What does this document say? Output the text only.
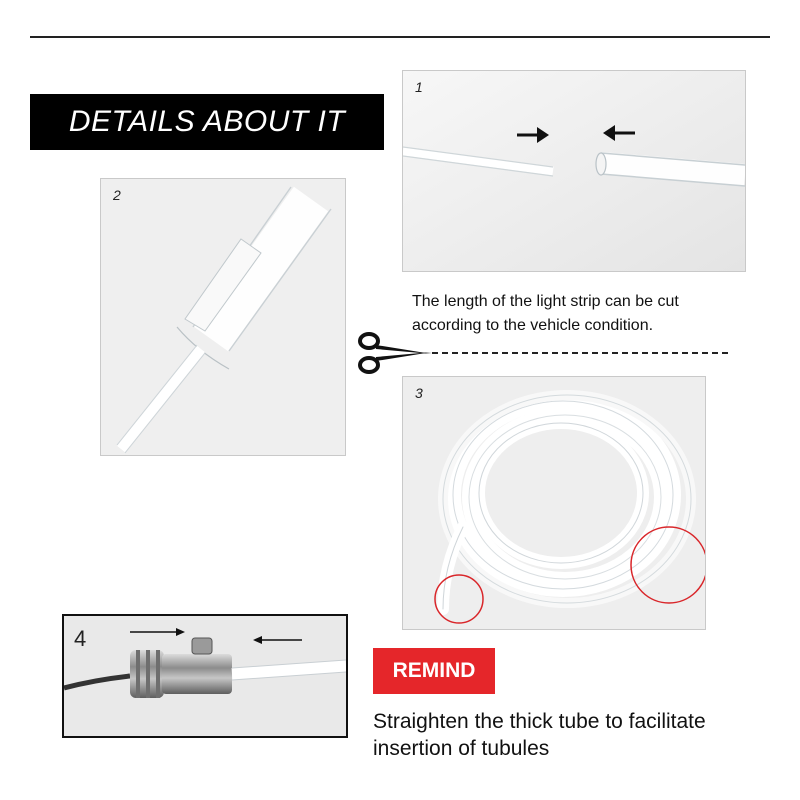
DETAILS ABOUT IT
1
2
The length of the light strip can be cut according to the vehicle condition.
3
4
REMIND
Straighten the thick tube to facilitate insertion of tubules
